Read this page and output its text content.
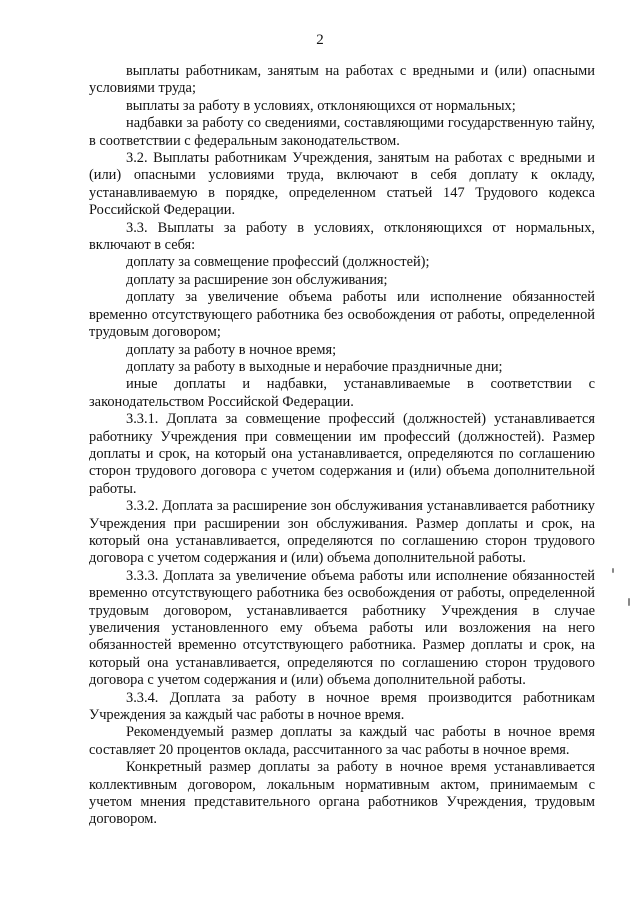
2

выплаты работникам, занятым на работах с вредными и (или) опасными условиями труда;

выплаты за работу в условиях, отклоняющихся от нормальных;

надбавки за работу со сведениями, составляющими государственную тайну, в соответствии с федеральным законодательством.

3.2. Выплаты работникам Учреждения, занятым на работах с вредными и (или) опасными условиями труда, включают в себя доплату к окладу, устанавливаемую в порядке, определенном статьей 147 Трудового кодекса Российской Федерации.

3.3. Выплаты за работу в условиях, отклоняющихся от нормальных, включают в себя:

доплату за совмещение профессий (должностей);

доплату за расширение зон обслуживания;

доплату за увеличение объема работы или исполнение обязанностей временно отсутствующего работника без освобождения от работы, определенной трудовым договором;

доплату за работу в ночное время;

доплату за работу в выходные и нерабочие праздничные дни;

иные доплаты и надбавки, устанавливаемые в соответствии с законодательством Российской Федерации.

3.3.1. Доплата за совмещение профессий (должностей) устанавливается работнику Учреждения при совмещении им профессий (должностей). Размер доплаты и срок, на который она устанавливается, определяются по соглашению сторон трудового договора с учетом содержания и (или) объема дополнительной работы.

3.3.2. Доплата за расширение зон обслуживания устанавливается работнику Учреждения при расширении зон обслуживания. Размер доплаты и срок, на который она устанавливается, определяются по соглашению сторон трудового договора с учетом содержания и (или) объема дополнительной работы.

3.3.3. Доплата за увеличение объема работы или исполнение обязанностей временно отсутствующего работника без освобождения от работы, определенной трудовым договором, устанавливается работнику Учреждения в случае увеличения установленного ему объема работы или возложения на него обязанностей временно отсутствующего работника. Размер доплаты и срок, на который она устанавливается, определяются по соглашению сторон трудового договора с учетом содержания и (или) объема дополнительной работы.

3.3.4. Доплата за работу в ночное время производится работникам Учреждения за каждый час работы в ночное время.

Рекомендуемый размер доплаты за каждый час работы в ночное время составляет 20 процентов оклада, рассчитанного за час работы в ночное время.

Конкретный размер доплаты за работу в ночное время устанавливается коллективным договором, локальным нормативным актом, принимаемым с учетом мнения представительного органа работников Учреждения, трудовым договором.
